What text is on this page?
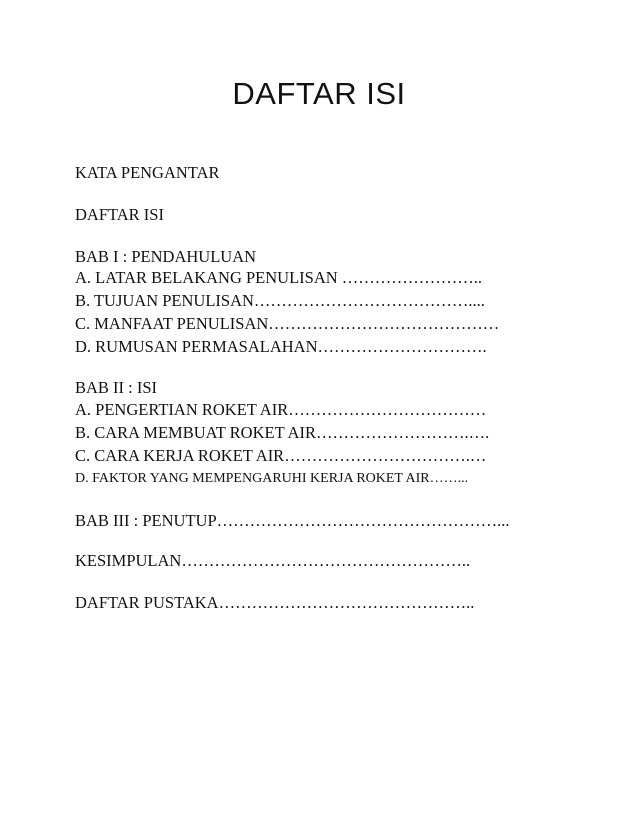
DAFTAR ISI
KATA PENGANTAR
DAFTAR ISI
BAB I : PENDAHULUAN
A. LATAR BELAKANG PENULISAN ……………………..
B. TUJUAN PENULISAN…………………………………....
C. MANFAAT PENULISAN……………………………………
D. RUMUSAN PERMASALAHAN………………………….
BAB II : ISI
A. PENGERTIAN ROKET AIR………………………………
B. CARA MEMBUAT ROKET AIR……………………….….
C. CARA KERJA ROKET AIR…………………………….…
D. FAKTOR YANG MEMPENGARUHI KERJA ROKET AIR……...
BAB III : PENUTUP……………………………………………...
KESIMPULAN……………………………………………..
DAFTAR PUSTAKA………………………………………..
